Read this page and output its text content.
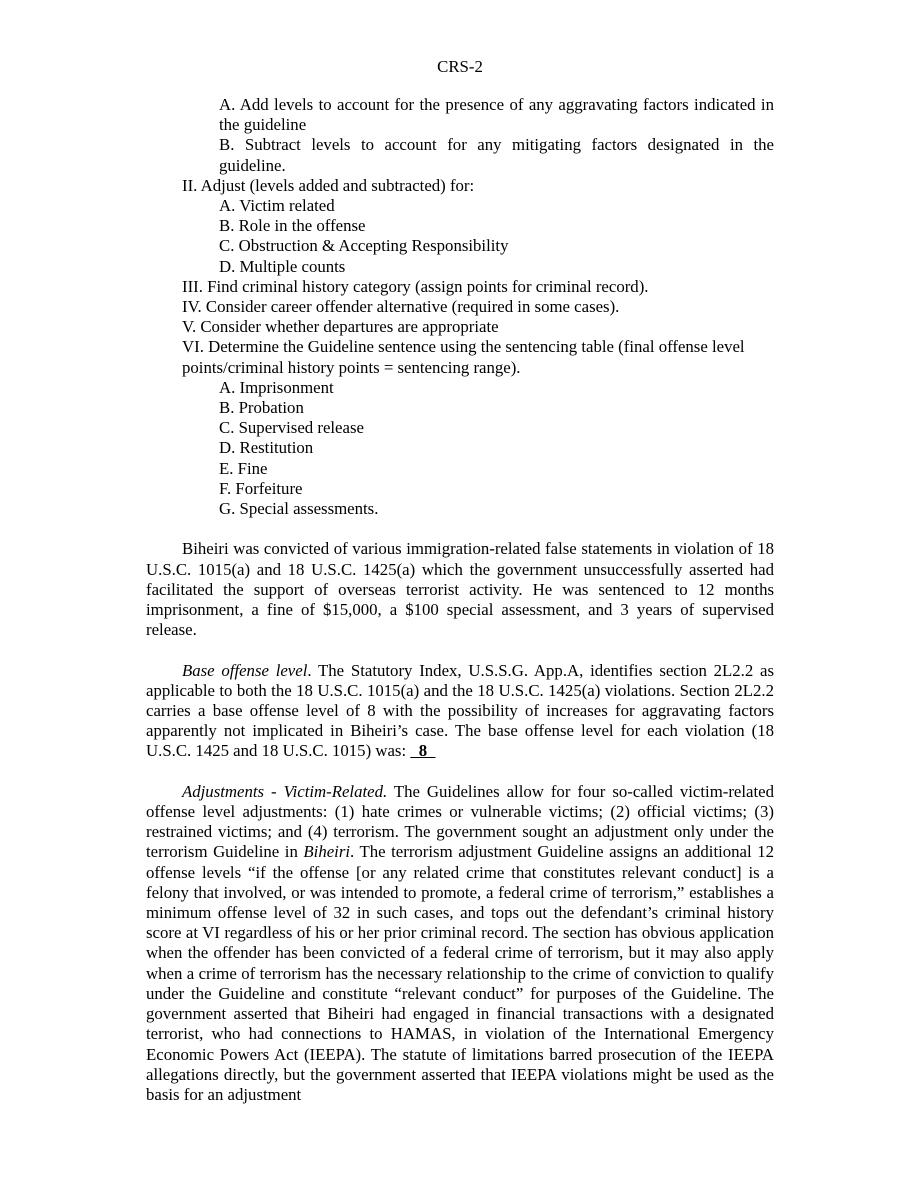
CRS-2
A. Add levels to account for the presence of any aggravating factors indicated in the guideline
B. Subtract levels to account for any mitigating factors designated in the guideline.
II. Adjust (levels added and subtracted) for:
A. Victim related
B. Role in the offense
C. Obstruction & Accepting Responsibility
D. Multiple counts
III. Find criminal history category (assign points for criminal record).
IV. Consider career offender alternative (required in some cases).
V. Consider whether departures are appropriate
VI. Determine the Guideline sentence using the sentencing table (final offense level points/criminal history points = sentencing range).
A. Imprisonment
B. Probation
C. Supervised release
D. Restitution
E. Fine
F. Forfeiture
G. Special assessments.

Biheiri was convicted of various immigration-related false statements in violation of 18 U.S.C. 1015(a) and 18 U.S.C. 1425(a) which the government unsuccessfully asserted had facilitated the support of overseas terrorist activity. He was sentenced to 12 months imprisonment, a fine of $15,000, a $100 special assessment, and 3 years of supervised release.

Base offense level. The Statutory Index, U.S.S.G. App.A, identifies section 2L2.2 as applicable to both the 18 U.S.C. 1015(a) and the 18 U.S.C. 1425(a) violations. Section 2L2.2 carries a base offense level of 8 with the possibility of increases for aggravating factors apparently not implicated in Biheiri’s case. The base offense level for each violation (18 U.S.C. 1425 and 18 U.S.C. 1015) was:   8

Adjustments - Victim-Related. The Guidelines allow for four so-called victim-related offense level adjustments: (1) hate crimes or vulnerable victims; (2) official victims; (3) restrained victims; and (4) terrorism. The government sought an adjustment only under the terrorism Guideline in Biheiri. The terrorism adjustment Guideline assigns an additional 12 offense levels “if the offense [or any related crime that constitutes relevant conduct] is a felony that involved, or was intended to promote, a federal crime of terrorism,” establishes a minimum offense level of 32 in such cases, and tops out the defendant’s criminal history score at VI regardless of his or her prior criminal record. The section has obvious application when the offender has been convicted of a federal crime of terrorism, but it may also apply when a crime of terrorism has the necessary relationship to the crime of conviction to qualify under the Guideline and constitute “relevant conduct” for purposes of the Guideline. The government asserted that Biheiri had engaged in financial transactions with a designated terrorist, who had connections to HAMAS, in violation of the International Emergency Economic Powers Act (IEEPA). The statute of limitations barred prosecution of the IEEPA allegations directly, but the government asserted that IEEPA violations might be used as the basis for an adjustment
